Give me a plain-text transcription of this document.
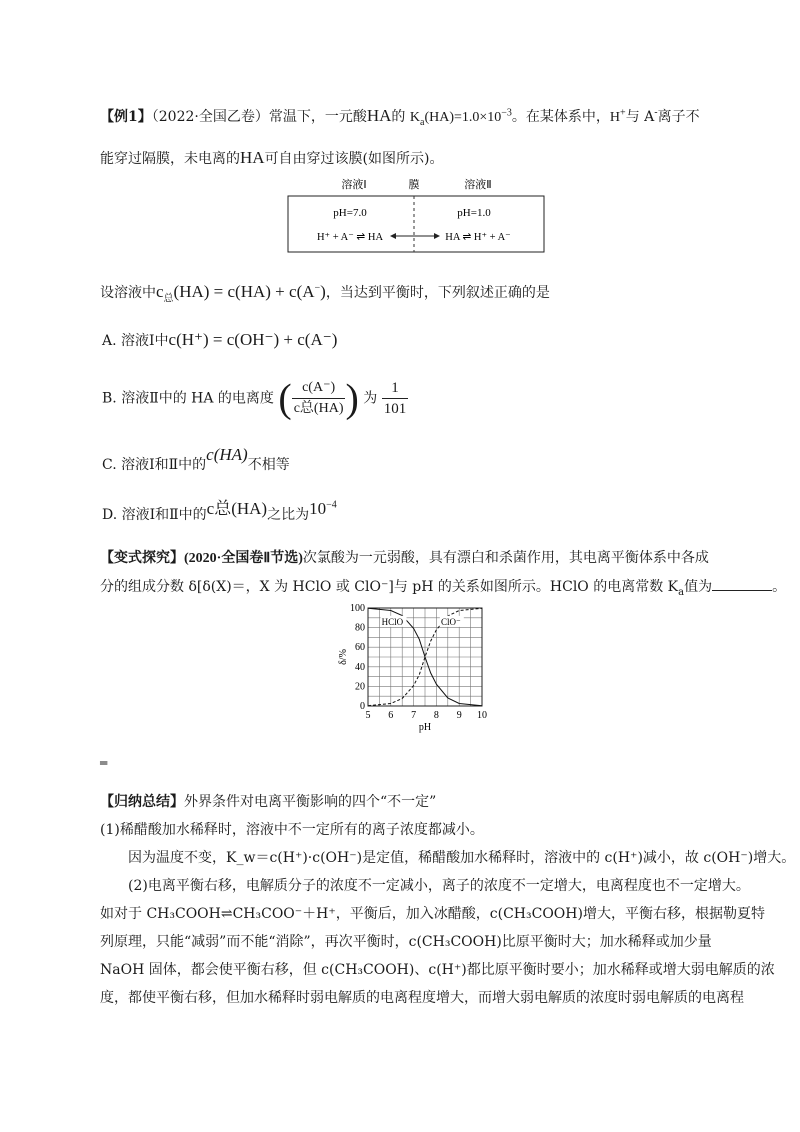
【例1】（2022·全国乙卷）常温下，一元酸HA的 $K_a(HA)=1.0\times 10^{-3}$。在某体系中，H+与 A-离子不
能穿过隔膜，未电离的HA可自由穿过该膜(如图所示)。
溶液Ⅰ	膜	溶液Ⅱ
pH=7.0	pH=1.0
H⁺ + A⁻ ⇌ HA	HA ⇌ H⁺ + A⁻
设溶液中$c_总(HA) = c(HA) + c(A^-)$，当达到平衡时，下列叙述正确的是
A. 溶液Ⅰ中c(H⁺) = c(OH⁻) + c(A⁻)
B. 溶液Ⅱ中的 HA 的电离度 ( $\frac{c(A^-)}{\text{c总(HA)}}$ ) 为 $\frac{1}{101}$
C. 溶液Ⅰ和Ⅱ中的c(HA)不相等
D. 溶液Ⅰ和Ⅱ中的c总(HA)之比为$10^{-4}$
【变式探究】(2020·全国卷Ⅱ节选)次氯酸为一元弱酸，具有漂白和杀菌作用，其电离平衡体系中各成
分的组成分数 δ[δ(X)＝，X 为 HClO 或 ClO⁻]与 pH 的关系如图所示。HClO 的电离常数 $K_a$值为	。
5 6 7 8 9 10
0
20
40
60
80
100
pH
δ/%
HClO	ClO⁻
═
【归纳总结】外界条件对电离平衡影响的四个“不一定”
(1)稀醋酸加水稀释时，溶液中不一定所有的离子浓度都减小。
因为温度不变，K_w＝c(H⁺)·c(OH⁻)是定值，稀醋酸加水稀释时，溶液中的 c(H⁺)减小，故 c(OH⁻)增大。
(2)电离平衡右移，电解质分子的浓度不一定减小，离子的浓度不一定增大，电离程度也不一定增大。
如对于 CH₃COOH⇌CH₃COO⁻＋H⁺，平衡后，加入冰醋酸，c(CH₃COOH)增大，平衡右移，根据勒夏特
列原理，只能“减弱”而不能“消除”，再次平衡时，c(CH₃COOH)比原平衡时大；加水稀释或加少量
NaOH 固体，都会使平衡右移，但 c(CH₃COOH)、c(H⁺)都比原平衡时要小；加水稀释或增大弱电解质的浓
度，都使平衡右移，但加水稀释时弱电解质的电离程度增大，而增大弱电解质的浓度时弱电解质的电离程
